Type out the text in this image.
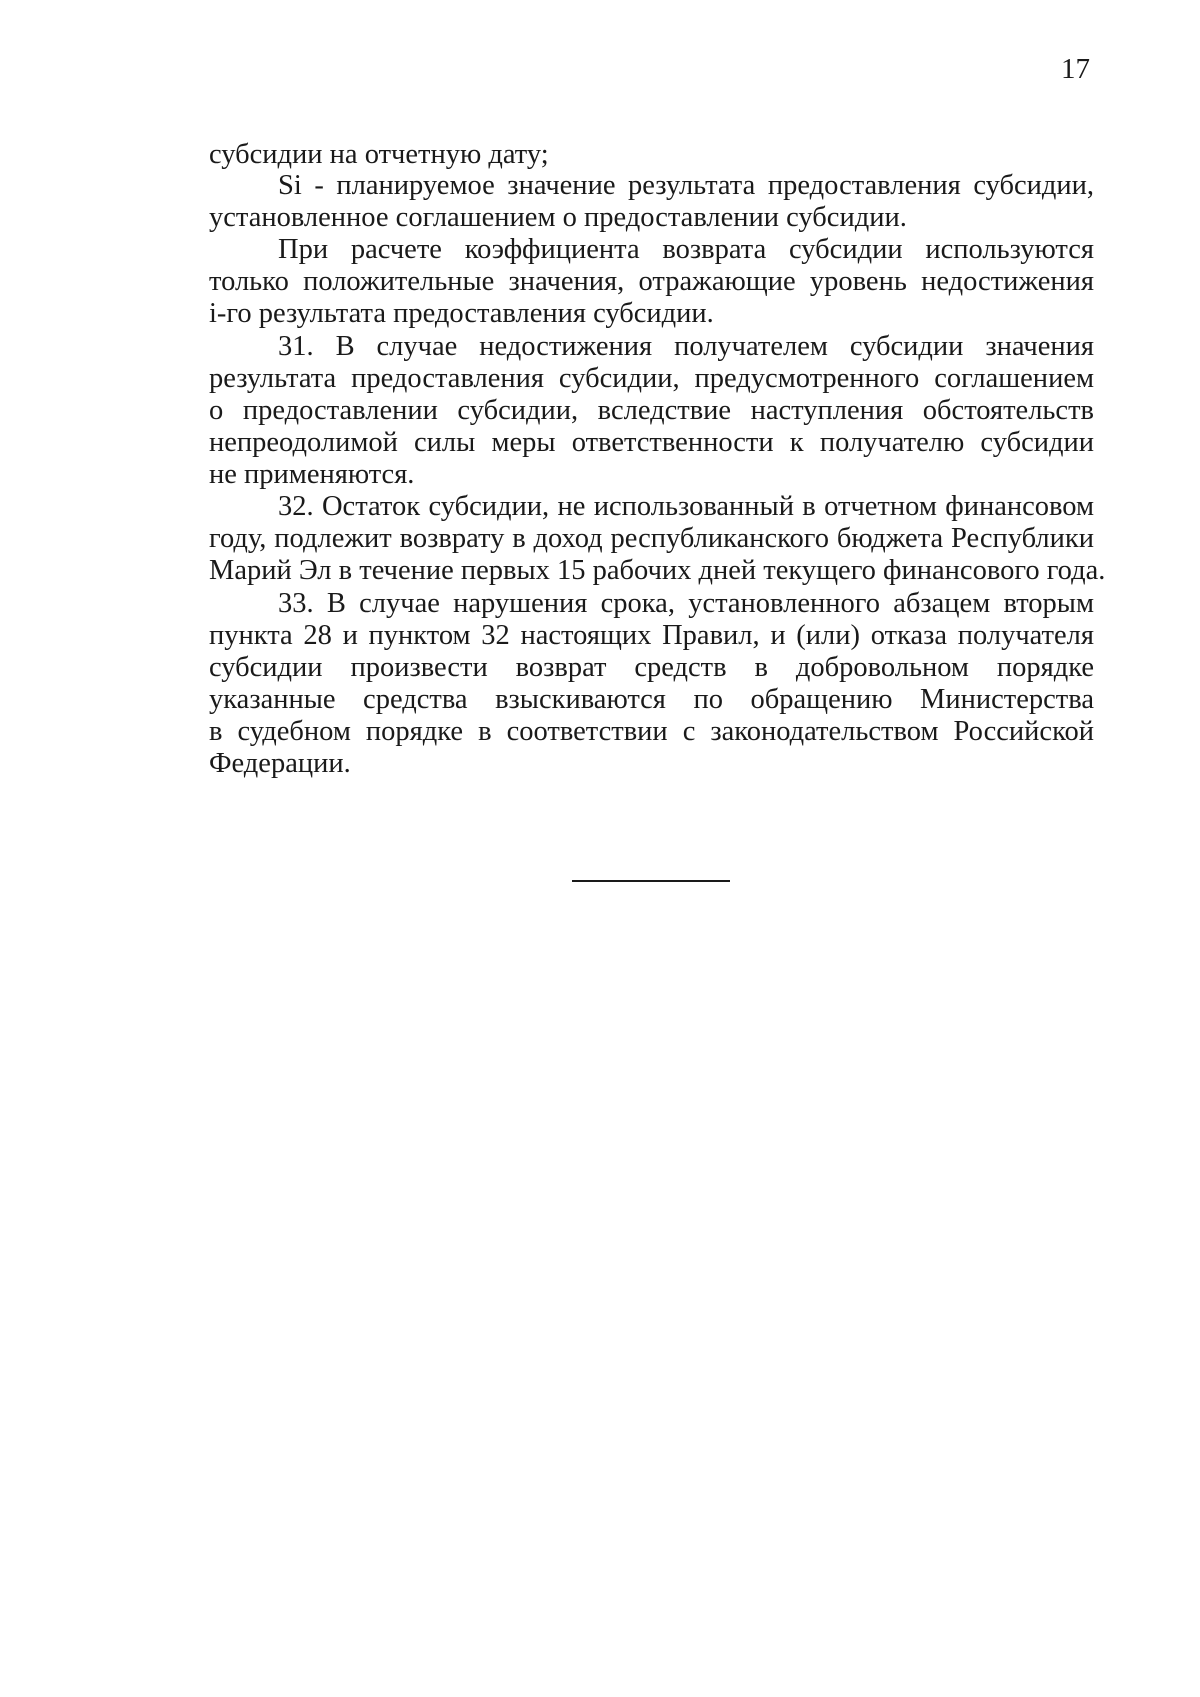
17
субсидии на отчетную дату;
Si - планируемое значение результата предоставления субсидии,
установленное соглашением о предоставлении субсидии.
При расчете коэффициента возврата субсидии используются
только положительные значения, отражающие уровень недостижения
i-го результата предоставления субсидии.
31. В случае недостижения получателем субсидии значения
результата предоставления субсидии, предусмотренного соглашением
о предоставлении субсидии, вследствие наступления обстоятельств
непреодолимой силы меры ответственности к получателю субсидии
не применяются.
32. Остаток субсидии, не использованный в отчетном финансовом
году, подлежит возврату в доход республиканского бюджета Республики
Марий Эл в течение первых 15 рабочих дней текущего финансового года.
33. В случае нарушения срока, установленного абзацем вторым
пункта 28 и пунктом 32 настоящих Правил, и (или) отказа получателя
субсидии произвести возврат средств в добровольном порядке
указанные средства взыскиваются по обращению Министерства
в судебном порядке в соответствии с законодательством Российской
Федерации.
